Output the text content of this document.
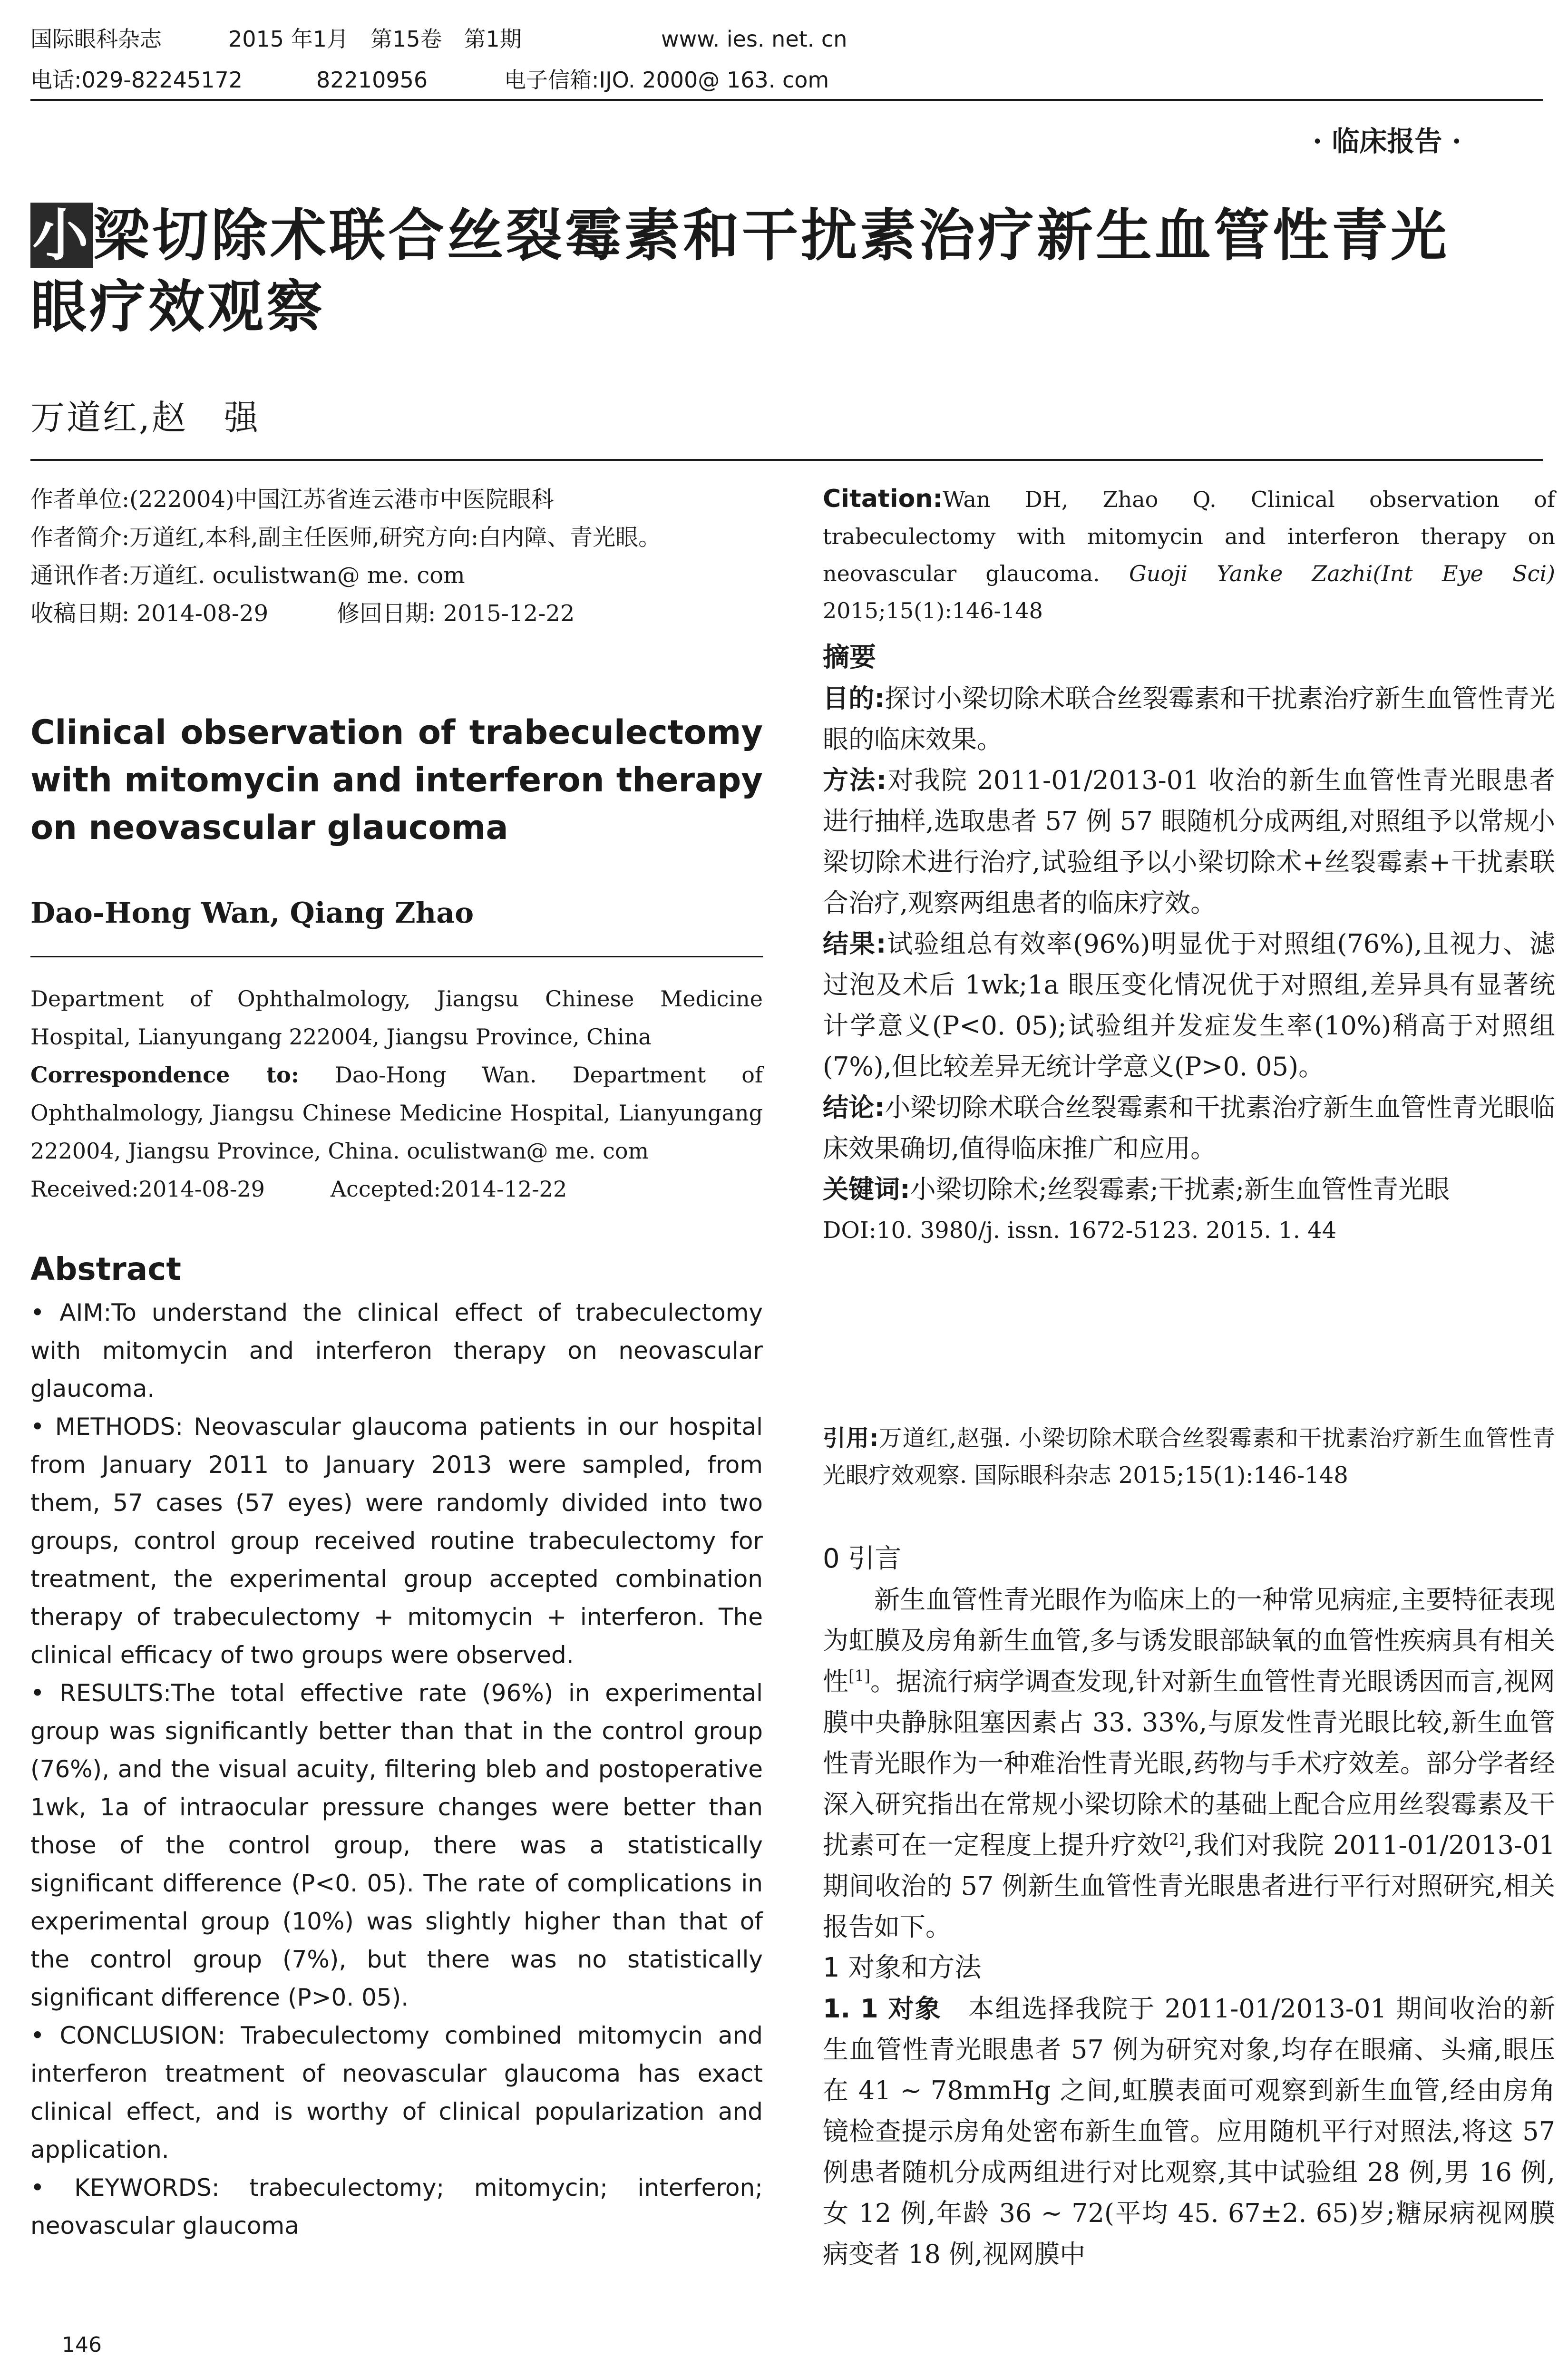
国际眼科杂志	2015 年1月　第15卷　第1期	www. ies. net. cn
电话:029-82245172	82210956	电子信箱:IJO. 2000@ 163. com
· 临床报告 ·
小梁切除术联合丝裂霉素和干扰素治疗新生血管性青光
眼疗效观察
万道红,赵　强

作者单位:(222004)中国江苏省连云港市中医院眼科

作者简介:万道红,本科,副主任医师,研究方向:白内障、青光眼。

通讯作者:万道红. oculistwan@ me. com

收稿日期: 2014-08-29　　　修回日期: 2015-12-22

Clinical observation of trabeculectomy with mitomycin and interferon therapy on neovascular glaucoma
Dao-Hong Wan, Qiang Zhao

Department of Ophthalmology, Jiangsu Chinese Medicine Hospital, Lianyungang 222004, Jiangsu Province, China

Correspondence to: Dao-Hong Wan. Department of Ophthalmology, Jiangsu Chinese Medicine Hospital, Lianyungang 222004, Jiangsu Province, China. oculistwan@ me. com

Received:2014-08-29　　　Accepted:2014-12-22

Abstract

• AIM:To understand the clinical effect of trabeculectomy with mitomycin and interferon therapy on neovascular glaucoma.

• METHODS: Neovascular glaucoma patients in our hospital from January 2011 to January 2013 were sampled, from them, 57 cases (57 eyes) were randomly divided into two groups, control group received routine trabeculectomy for treatment, the experimental group accepted combination therapy of trabeculectomy + mitomycin + interferon. The clinical efficacy of two groups were observed.

• RESULTS:The total effective rate (96%) in experimental group was significantly better than that in the control group (76%), and the visual acuity, filtering bleb and postoperative 1wk, 1a of intraocular pressure changes were better than those of the control group, there was a statistically significant difference (P<0. 05). The rate of complications in experimental group (10%) was slightly higher than that of the control group (7%), but there was no statistically significant difference (P>0. 05).

• CONCLUSION: Trabeculectomy combined mitomycin and interferon treatment of neovascular glaucoma has exact clinical effect, and is worthy of clinical popularization and application.

• KEYWORDS: trabeculectomy; mitomycin; interferon; neovascular glaucoma

146
Citation:Wan DH, Zhao Q. Clinical observation of trabeculectomy with mitomycin and interferon therapy on neovascular glaucoma. Guoji Yanke Zazhi(Int Eye Sci) 2015;15(1):146-148

摘要

目的:探讨小梁切除术联合丝裂霉素和干扰素治疗新生血管性青光眼的临床效果。

方法:对我院 2011-01/2013-01 收治的新生血管性青光眼患者进行抽样,选取患者 57 例 57 眼随机分成两组,对照组予以常规小梁切除术进行治疗,试验组予以小梁切除术+丝裂霉素+干扰素联合治疗,观察两组患者的临床疗效。

结果:试验组总有效率(96%)明显优于对照组(76%),且视力、滤过泡及术后 1wk;1a 眼压变化情况优于对照组,差异具有显著统计学意义(P<0. 05);试验组并发症发生率(10%)稍高于对照组(7%),但比较差异无统计学意义(P>0. 05)。

结论:小梁切除术联合丝裂霉素和干扰素治疗新生血管性青光眼临床效果确切,值得临床推广和应用。

关键词:小梁切除术;丝裂霉素;干扰素;新生血管性青光眼

DOI:10. 3980/j. issn. 1672-5123. 2015. 1. 44

引用:万道红,赵强. 小梁切除术联合丝裂霉素和干扰素治疗新生血管性青光眼疗效观察. 国际眼科杂志 2015;15(1):146-148

0 引言

新生血管性青光眼作为临床上的一种常见病症,主要特征表现为虹膜及房角新生血管,多与诱发眼部缺氧的血管性疾病具有相关性[1]。据流行病学调查发现,针对新生血管性青光眼诱因而言,视网膜中央静脉阻塞因素占 33. 33%,与原发性青光眼比较,新生血管性青光眼作为一种难治性青光眼,药物与手术疗效差。部分学者经深入研究指出在常规小梁切除术的基础上配合应用丝裂霉素及干扰素可在一定程度上提升疗效[2],我们对我院 2011-01/2013-01 期间收治的 57 例新生血管性青光眼患者进行平行对照研究,相关报告如下。

1 对象和方法

1. 1 对象　本组选择我院于 2011-01/2013-01 期间收治的新生血管性青光眼患者 57 例为研究对象,均存在眼痛、头痛,眼压在 41 ~ 78mmHg 之间,虹膜表面可观察到新生血管,经由房角镜检查提示房角处密布新生血管。应用随机平行对照法,将这 57 例患者随机分成两组进行对比观察,其中试验组 28 例,男 16 例,女 12 例,年龄 36 ~ 72(平均 45. 67±2. 65)岁;糖尿病视网膜病变者 18 例,视网膜中
